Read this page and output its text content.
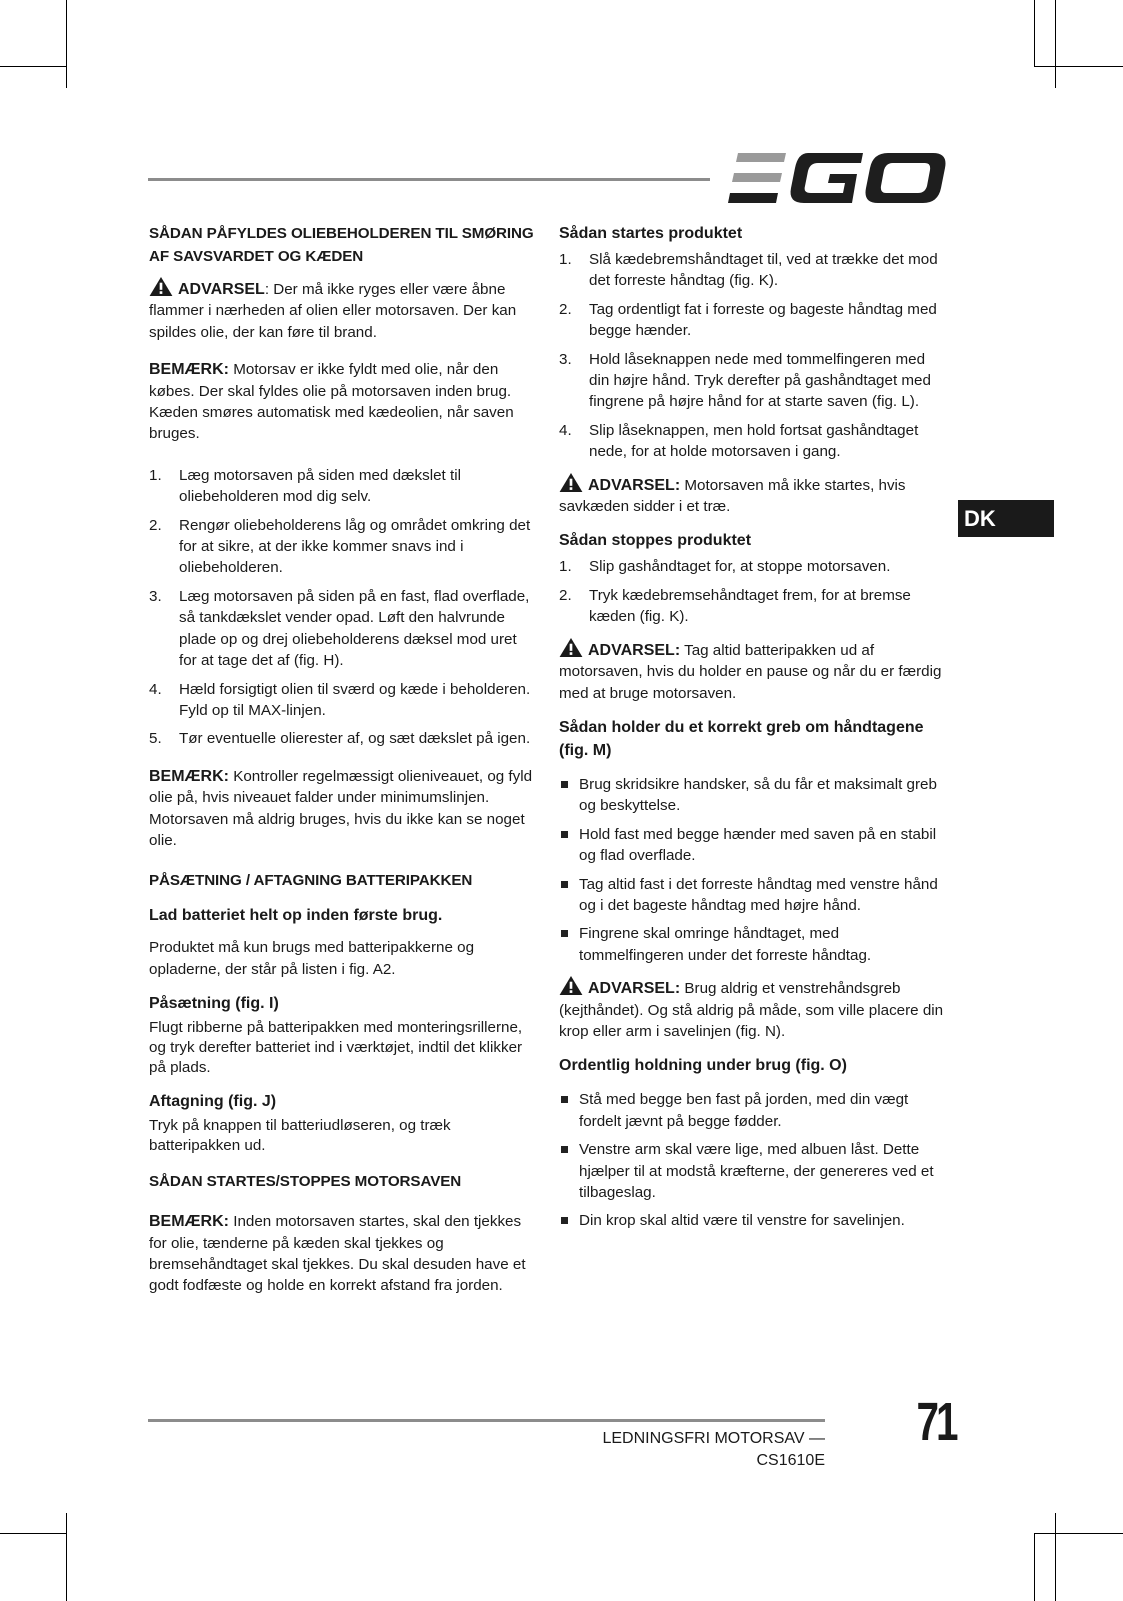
DK
SÅDAN PÅFYLDES OLIEBEHOLDEREN TIL SMØRING AF SAVSVARDET OG KÆDEN

ADVARSEL: Der må ikke ryges eller være åbne flammer i nærheden af olien eller motorsaven. Der kan spildes olie, der kan føre til brand.

BEMÆRK: Motorsav er ikke fyldt med olie, når den købes. Der skal fyldes olie på motorsaven inden brug. Kæden smøres automatisk med kædeolien, når saven bruges.

1. Læg motorsaven på siden med dækslet til oliebeholderen mod dig selv.
2. Rengør oliebeholderens låg og området omkring det for at sikre, at der ikke kommer snavs ind i oliebeholderen.
3. Læg motorsaven på siden på en fast, flad overflade, så tankdækslet vender opad. Løft den halvrunde plade op og drej oliebeholderens dæksel mod uret for at tage det af (fig. H).
4. Hæld forsigtigt olien til sværd og kæde i beholderen. Fyld op til MAX-linjen.
5. Tør eventuelle olierester af, og sæt dækslet på igen.

BEMÆRK: Kontroller regelmæssigt olieniveauet, og fyld olie på, hvis niveauet falder under minimumslinjen. Motorsaven må aldrig bruges, hvis du ikke kan se noget olie.

PÅSÆTNING / AFTAGNING BATTERIPAKKEN
Lad batteriet helt op inden første brug.

Produktet må kun brugs med batteripakkerne og opladerne, der står på listen i fig. A2.

Påsætning (fig. I)

Flugt ribberne på batteripakken med monteringsrillerne, og tryk derefter batteriet ind i værktøjet, indtil det klikker på plads.

Aftagning (fig. J)

Tryk på knappen til batteriudløseren, og træk batteripakken ud.

SÅDAN STARTES/STOPPES MOTORSAVEN

BEMÆRK: Inden motorsaven startes, skal den tjekkes for olie, tænderne på kæden skal tjekkes og bremsehåndtaget skal tjekkes. Du skal desuden have et godt fodfæste og holde en korrekt afstand fra jorden.

Sådan startes produktet
1. Slå kædebremshåndtaget til, ved at trække det mod det forreste håndtag (fig. K).
2. Tag ordentligt fat i forreste og bageste håndtag med begge hænder.
3. Hold låseknappen nede med tommelfingeren med din højre hånd. Tryk derefter på gashåndtaget med fingrene på højre hånd for at starte saven (fig. L).
4. Slip låseknappen, men hold fortsat gashåndtaget nede, for at holde motorsaven i gang.

ADVARSEL: Motorsaven må ikke startes, hvis savkæden sidder i et træ.

Sådan stoppes produktet
1. Slip gashåndtaget for, at stoppe motorsaven.
2. Tryk kædebremsehåndtaget frem, for at bremse kæden (fig. K).

ADVARSEL: Tag altid batteripakken ud af motorsaven, hvis du holder en pause og når du er færdig med at bruge motorsaven.

Sådan holder du et korrekt greb om håndtagene (fig. M)
Brug skridsikre handsker, så du får et maksimalt greb og beskyttelse.
Hold fast med begge hænder med saven på en stabil og flad overflade.
Tag altid fast i det forreste håndtag med venstre hånd og i det bageste håndtag med højre hånd.
Fingrene skal omringe håndtaget, med tommelfingeren under det forreste håndtag.

ADVARSEL: Brug aldrig et venstrehåndsgreb (kejthåndet). Og stå aldrig på måde, som ville placere din krop eller arm i savelinjen (fig. N).

Ordentlig holdning under brug (fig. O)
Stå med begge ben fast på jorden, med din vægt fordelt jævnt på begge fødder.
Venstre arm skal være lige, med albuen låst. Dette hjælper til at modstå kræfterne, der genereres ved et tilbageslag.
Din krop skal altid være til venstre for savelinjen.
LEDNINGSFRI MOTORSAV — CS1610E
71
